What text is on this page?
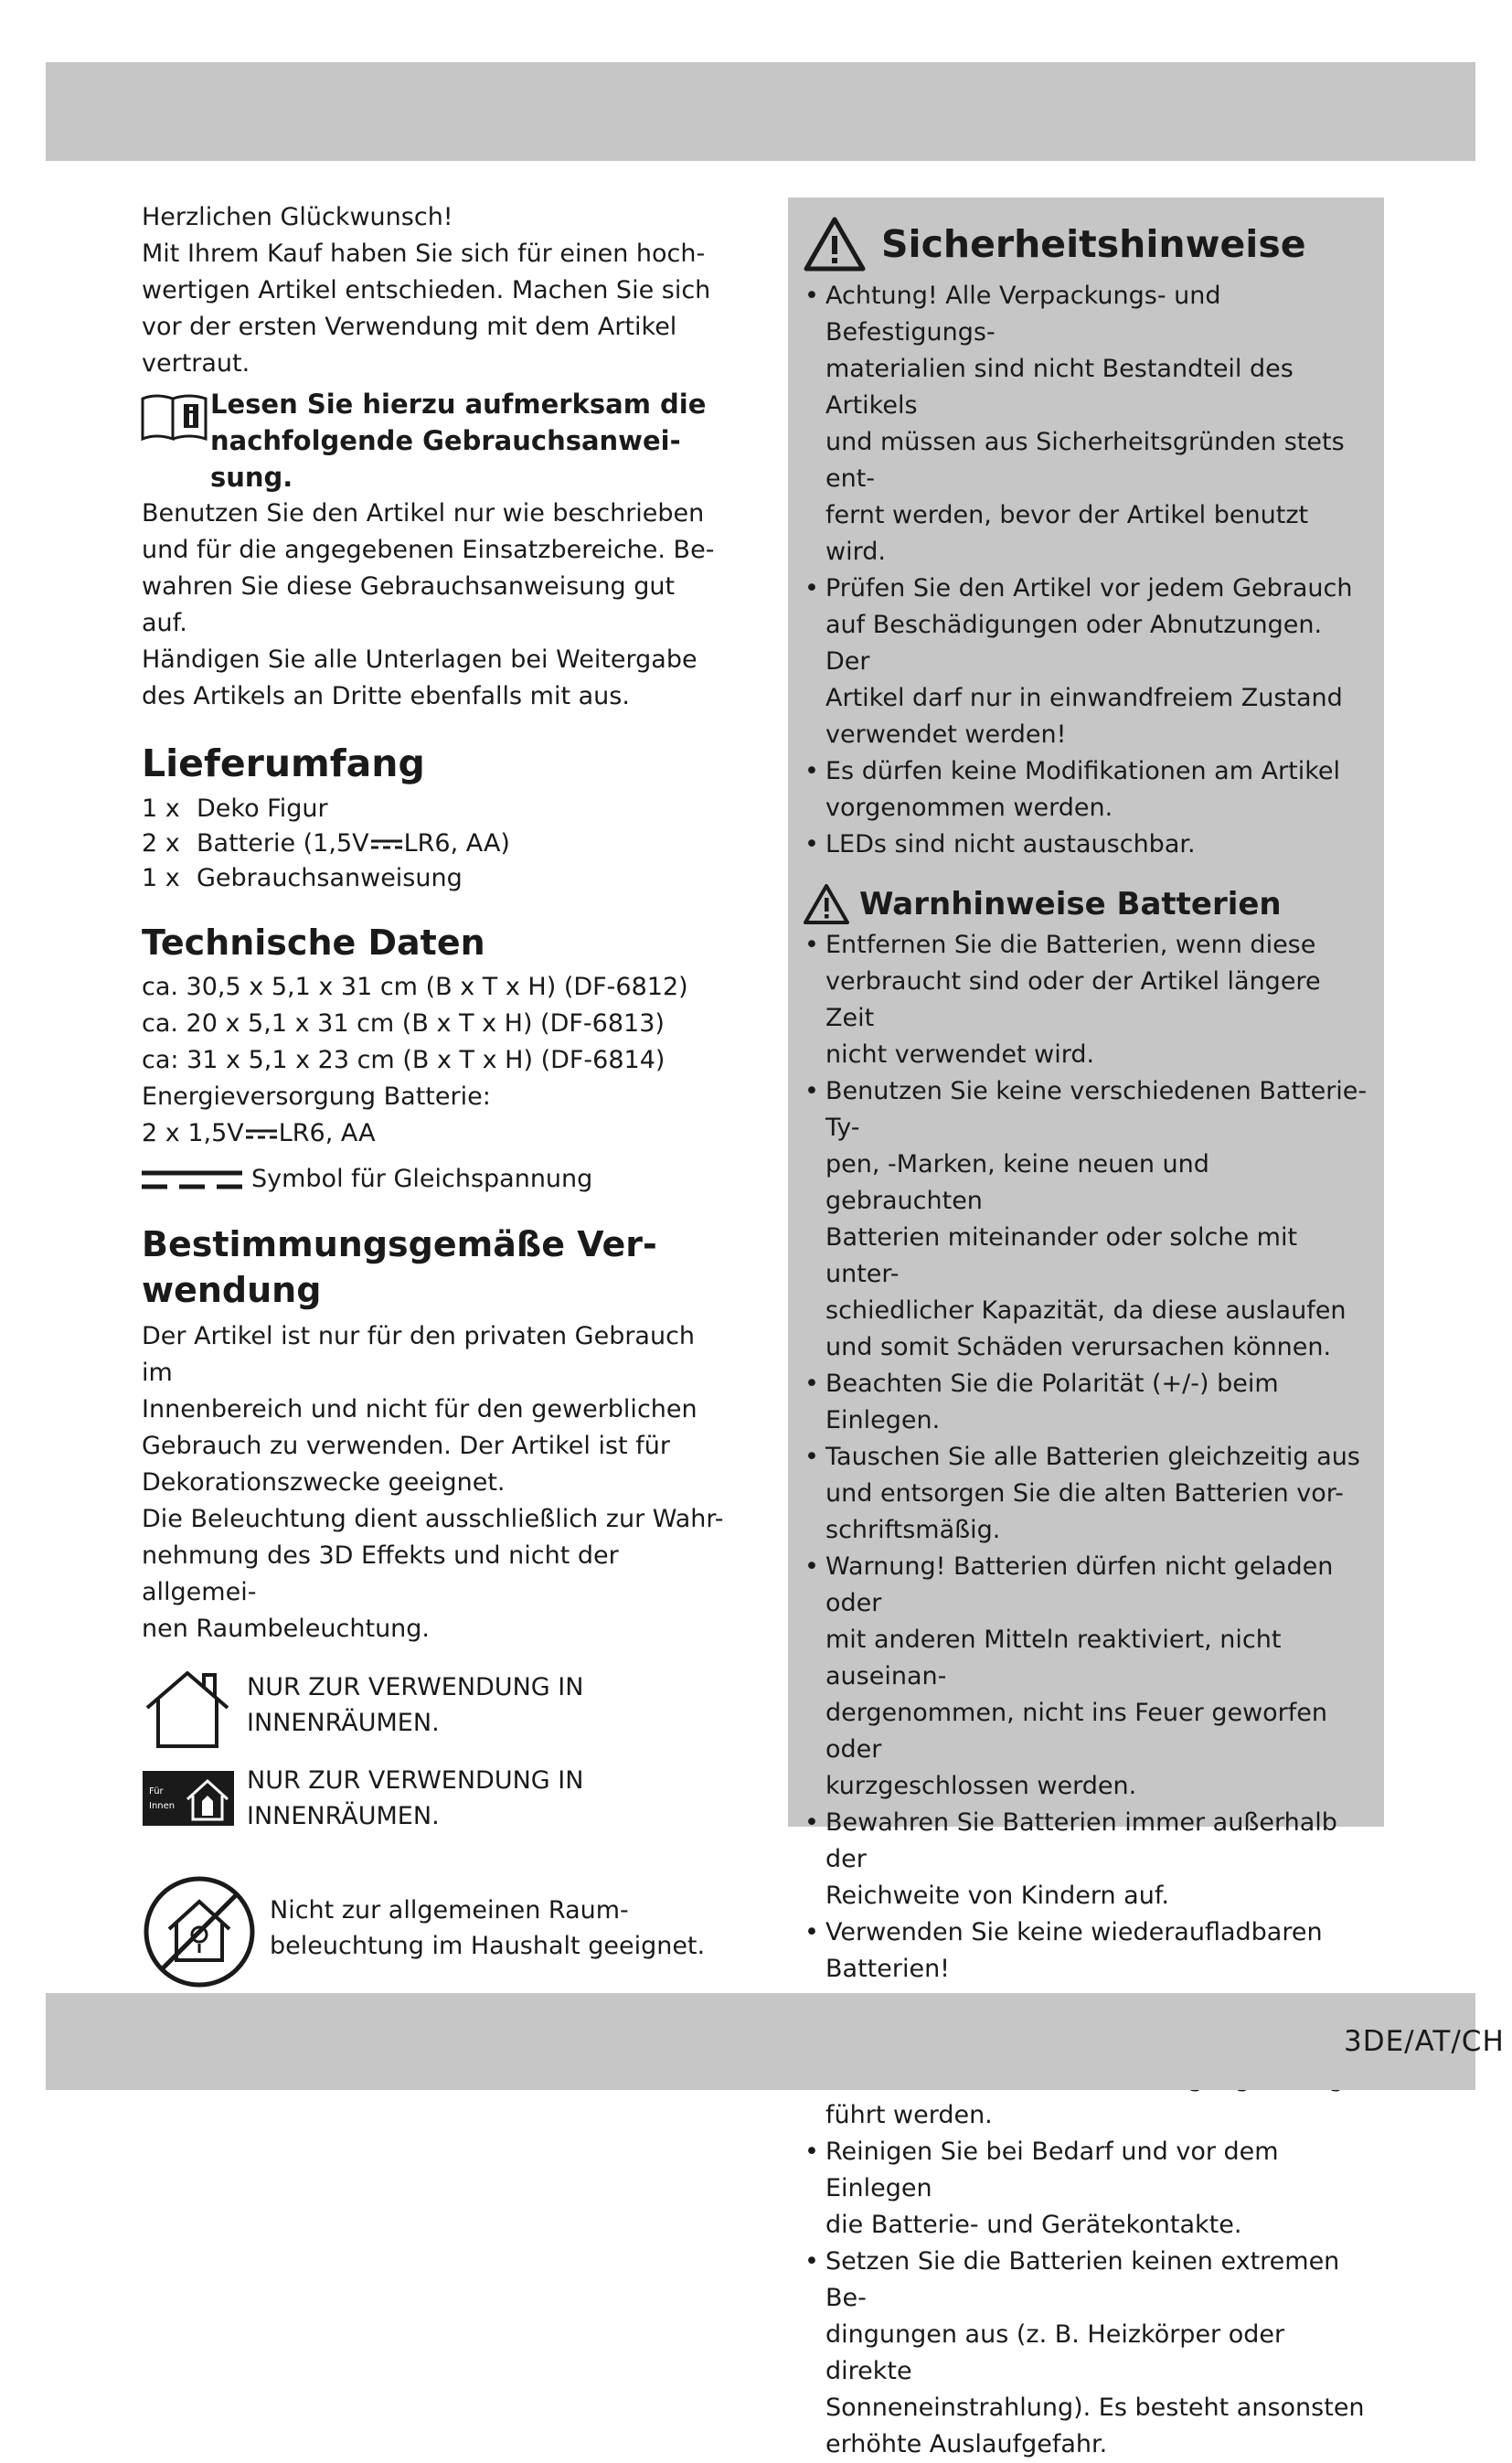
Herzlichen Glückwunsch!
Mit Ihrem Kauf haben Sie sich für einen hoch-
wertigen Artikel entschieden. Machen Sie sich
vor der ersten Verwendung mit dem Artikel
vertraut.

Lesen Sie hierzu aufmerksam die
nachfolgende Gebrauchsanwei-
sung.

Benutzen Sie den Artikel nur wie beschrieben
und für die angegebenen Einsatzbereiche. Be-
wahren Sie diese Gebrauchsanweisung gut auf.
Händigen Sie alle Unterlagen bei Weitergabe
des Artikels an Dritte ebenfalls mit aus.

Lieferumfang
1 x Deko Figur
2 x Batterie (1,5V LR6, AA)
1 x Gebrauchsanweisung
Technische Daten

ca. 30,5 x 5,1 x 31 cm (B x T x H) (DF-6812)
ca. 20 x 5,1 x 31 cm (B x T x H) (DF-6813)
ca: 31 x 5,1 x 23 cm (B x T x H) (DF-6814)
Energieversorgung Batterie:
2 x 1,5V LR6, AA

Symbol für Gleichspannung

Bestimmungsgemäße Ver-
wendung

Der Artikel ist nur für den privaten Gebrauch im
Innenbereich und nicht für den gewerblichen
Gebrauch zu verwenden. Der Artikel ist für
Dekorationszwecke geeignet.
Die Beleuchtung dient ausschließlich zur Wahr-
nehmung des 3D Effekts und nicht der allgemei-
nen Raumbeleuchtung.

NUR ZUR VERWENDUNG IN
INNENRÄUMEN.

Für
Innen

NUR ZUR VERWENDUNG IN
INNENRÄUMEN.

Nicht zur allgemeinen Raum-
beleuchtung im Haushalt geeignet.

Sicherheitshinweise
• Achtung! Alle Verpackungs- und Befestigungs-
materialien sind nicht Bestandteil des Artikels
und müssen aus Sicherheitsgründen stets ent-
fernt werden, bevor der Artikel benutzt wird.
• Prüfen Sie den Artikel vor jedem Gebrauch
auf Beschädigungen oder Abnutzungen. Der
Artikel darf nur in einwandfreiem Zustand
verwendet werden!
• Es dürfen keine Modifikationen am Artikel
vorgenommen werden.
• LEDs sind nicht austauschbar.
Warnhinweise Batterien
• Entfernen Sie die Batterien, wenn diese
verbraucht sind oder der Artikel längere Zeit
nicht verwendet wird.
• Benutzen Sie keine verschiedenen Batterie-Ty-
pen, -Marken, keine neuen und gebrauchten
Batterien miteinander oder solche mit unter-
schiedlicher Kapazität, da diese auslaufen
und somit Schäden verursachen können.
• Beachten Sie die Polarität (+/-) beim Einlegen.
• Tauschen Sie alle Batterien gleichzeitig aus
und entsorgen Sie die alten Batterien vor-
schriftsmäßig.
• Warnung! Batterien dürfen nicht geladen oder
mit anderen Mitteln reaktiviert, nicht auseinan-
dergenommen, nicht ins Feuer geworfen oder
kurzgeschlossen werden.
• Bewahren Sie Batterien immer außerhalb der
Reichweite von Kindern auf.
• Verwenden Sie keine wiederaufladbaren
Batterien!

• führt werden.
• Reinigen Sie bei Bedarf und vor dem Einlegen
die Batterie- und Gerätekontakte.
• Setzen Sie die Batterien keinen extremen Be-
dingungen aus (z. B. Heizkörper oder direkte
Sonneneinstrahlung). Es besteht ansonsten
erhöhte Auslaufgefahr.
3DE/AT/CH
